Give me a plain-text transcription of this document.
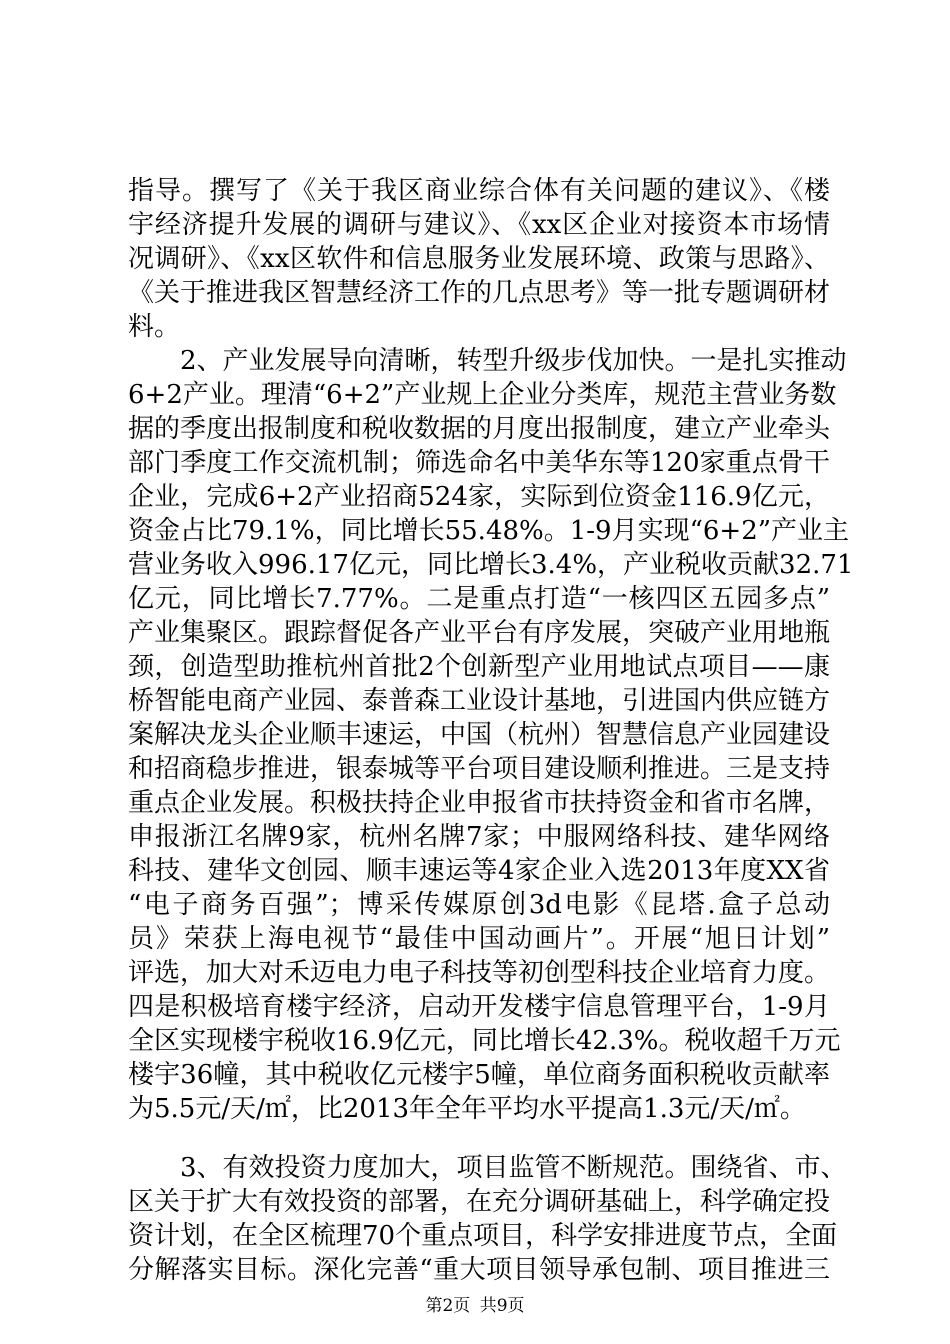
指导。撰写了《关于我区商业综合体有关问题的建议》、《楼
宇经济提升发展的调研与建议》、《xx区企业对接资本市场情
况调研》、《xx区软件和信息服务业发展环境、政策与思路》、
《关于推进我区智慧经济工作的几点思考》等一批专题调研材
料。
2、产业发展导向清晰，转型升级步伐加快。一是扎实推动
6+2产业。理清“6+2”产业规上企业分类库，规范主营业务数
据的季度出报制度和税收数据的月度出报制度，建立产业牵头
部门季度工作交流机制；筛选命名中美华东等120家重点骨干
企业，完成6+2产业招商524家，实际到位资金116.9亿元，
资金占比79.1%，同比增长55.48%。1-9月实现“6+2”产业主
营业务收入996.17亿元，同比增长3.4%，产业税收贡献32.71
亿元，同比增长7.77%。二是重点打造“一核四区五园多点”
产业集聚区。跟踪督促各产业平台有序发展，突破产业用地瓶
颈，创造型助推杭州首批2个创新型产业用地试点项目——康
桥智能电商产业园、泰普森工业设计基地，引进国内供应链方
案解决龙头企业顺丰速运，中国（杭州）智慧信息产业园建设
和招商稳步推进，银泰城等平台项目建设顺利推进。三是支持
重点企业发展。积极扶持企业申报省市扶持资金和省市名牌，
申报浙江名牌9家，杭州名牌7家；中服网络科技、建华网络
科技、建华文创园、顺丰速运等4家企业入选2013年度XX省
“电子商务百强”；博采传媒原创3d电影《昆塔.盒子总动
员》荣获上海电视节“最佳中国动画片”。开展“旭日计划”
评选，加大对禾迈电力电子科技等初创型科技企业培育力度。
四是积极培育楼宇经济，启动开发楼宇信息管理平台，1-9月
全区实现楼宇税收16.9亿元，同比增长42.3%。税收超千万元
楼宇36幢，其中税收亿元楼宇5幢，单位商务面积税收贡献率
为5.5元/天/㎡，比2013年全年平均水平提高1.3元/天/㎡。
3、有效投资力度加大，项目监管不断规范。围绕省、市、
区关于扩大有效投资的部署，在充分调研基础上，科学确定投
资计划，在全区梳理70个重点项目，科学安排进度节点，全面
分解落实目标。深化完善“重大项目领导承包制、项目推进三
第2页 共9页
